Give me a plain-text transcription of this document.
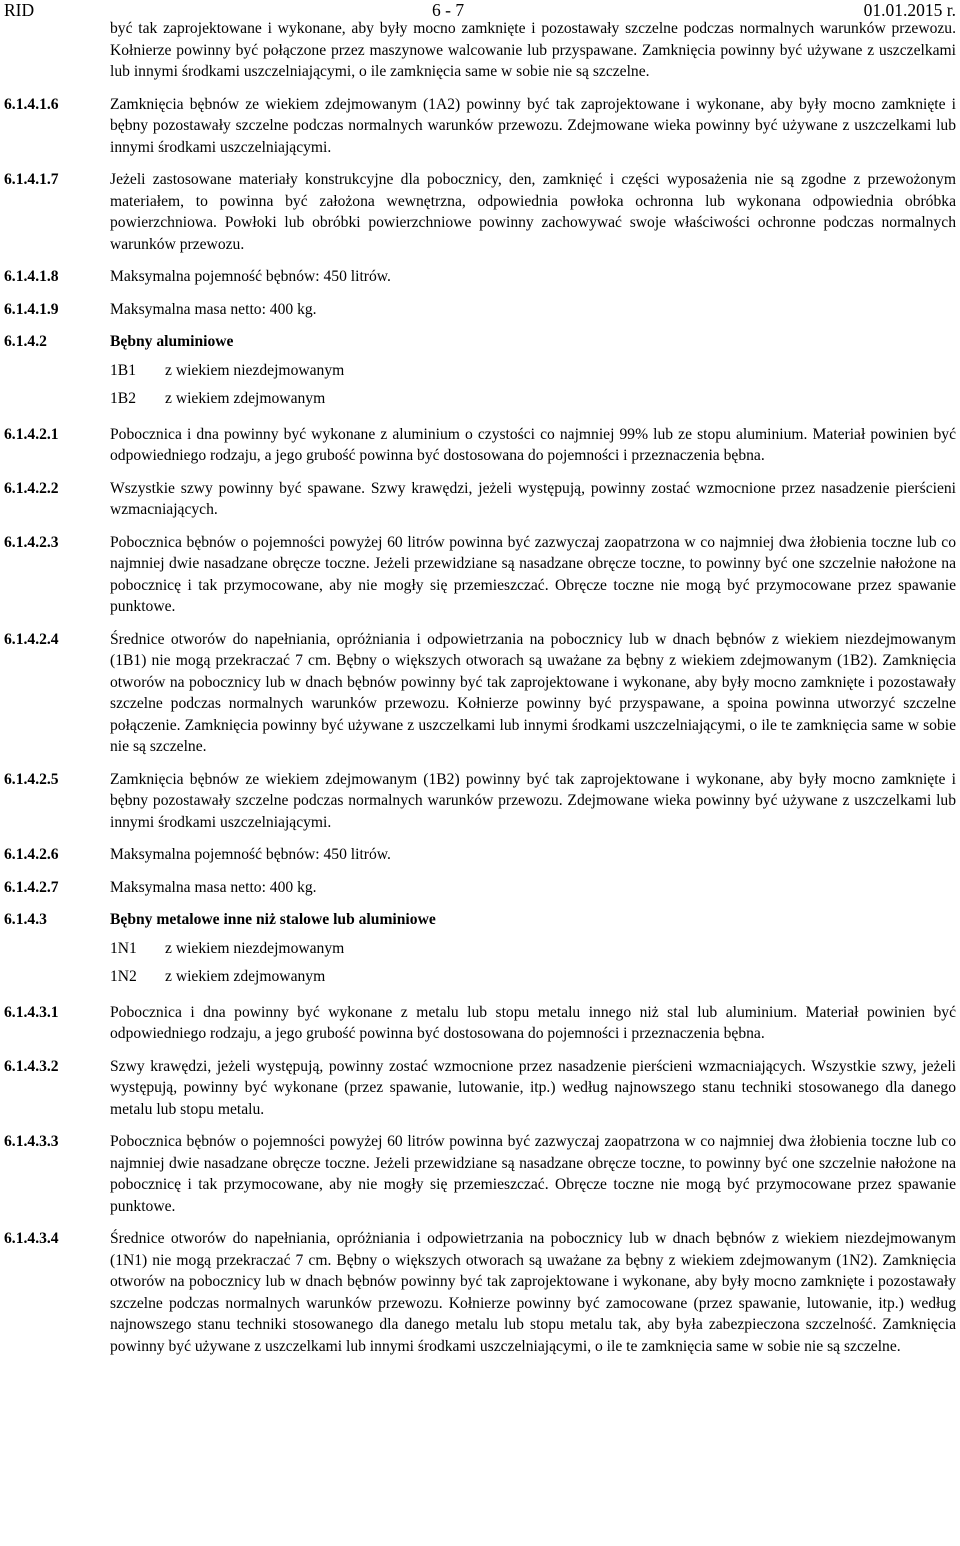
RID	6 - 7	01.01.2015 r.
być tak zaprojektowane i wykonane, aby były mocno zamknięte i pozostawały szczelne podczas normalnych warunków przewozu. Kołnierze powinny być połączone przez maszynowe walcowanie lub przyspawane. Zamknięcia powinny być używane z uszczelkami lub innymi środkami uszczelniającymi, o ile zamknięcia same w sobie nie są szczelne.
6.1.4.1.6	Zamknięcia bębnów ze wiekiem zdejmowanym (1A2) powinny być tak zaprojektowane i wykonane, aby były mocno zamknięte i bębny pozostawały szczelne podczas normalnych warunków przewozu. Zdejmowane wieka powinny być używane z uszczelkami lub innymi środkami uszczelniającymi.
6.1.4.1.7	Jeżeli zastosowane materiały konstrukcyjne dla pobocznicy, den, zamknięć i części wyposażenia nie są zgodne z przewożonym materiałem, to powinna być założona wewnętrzna, odpowiednia powłoka ochronna lub wykonana odpowiednia obróbka powierzchniowa. Powłoki lub obróbki powierzchniowe powinny zachowywać swoje właściwości ochronne podczas normalnych warunków przewozu.
6.1.4.1.8	Maksymalna pojemność bębnów: 450 litrów.
6.1.4.1.9	Maksymalna masa netto: 400 kg.
6.1.4.2	Bębny aluminiowe
1B1	z wiekiem niezdejmowanym
1B2	z wiekiem zdejmowanym
6.1.4.2.1	Pobocznica i dna powinny być wykonane z aluminium o czystości co najmniej 99% lub ze stopu aluminium. Materiał powinien być odpowiedniego rodzaju, a jego grubość powinna być dostosowana do pojemności i przeznaczenia bębna.
6.1.4.2.2	Wszystkie szwy powinny być spawane. Szwy krawędzi, jeżeli występują, powinny zostać wzmocnione przez nasadzenie pierścieni wzmacniających.
6.1.4.2.3	Pobocznica bębnów o pojemności powyżej 60 litrów powinna być zazwyczaj zaopatrzona w co najmniej dwa żłobienia toczne lub co najmniej dwie nasadzane obręcze toczne. Jeżeli przewidziane są nasadzane obręcze toczne, to powinny być one szczelnie nałożone na pobocznicę i tak przymocowane, aby nie mogły się przemieszczać. Obręcze toczne nie mogą być przymocowane przez spawanie punktowe.
6.1.4.2.4	Średnice otworów do napełniania, opróżniania i odpowietrzania na pobocznicy lub w dnach bębnów z wiekiem niezdejmowanym (1B1) nie mogą przekraczać 7 cm. Bębny o większych otworach są uważane za bębny z wiekiem zdejmowanym (1B2). Zamknięcia otworów na pobocznicy lub w dnach bębnów powinny być tak zaprojektowane i wykonane, aby były mocno zamknięte i pozostawały szczelne podczas normalnych warunków przewozu. Kołnierze powinny być przyspawane, a spoina powinna utworzyć szczelne połączenie. Zamknięcia powinny być używane z uszczelkami lub innymi środkami uszczelniającymi, o ile te zamknięcia same w sobie nie są szczelne.
6.1.4.2.5	Zamknięcia bębnów ze wiekiem zdejmowanym (1B2) powinny być tak zaprojektowane i wykonane, aby były mocno zamknięte i bębny pozostawały szczelne podczas normalnych warunków przewozu. Zdejmowane wieka powinny być używane z uszczelkami lub innymi środkami uszczelniającymi.
6.1.4.2.6	Maksymalna pojemność bębnów: 450 litrów.
6.1.4.2.7	Maksymalna masa netto: 400 kg.
6.1.4.3	Bębny metalowe inne niż stalowe lub aluminiowe
1N1	z wiekiem niezdejmowanym
1N2	z wiekiem zdejmowanym
6.1.4.3.1	Pobocznica i dna powinny być wykonane z metalu lub stopu metalu innego niż stal lub aluminium. Materiał powinien być odpowiedniego rodzaju, a jego grubość powinna być dostosowana do pojemności i przeznaczenia bębna.
6.1.4.3.2	Szwy krawędzi, jeżeli występują, powinny zostać wzmocnione przez nasadzenie pierścieni wzmacniających. Wszystkie szwy, jeżeli występują, powinny być wykonane (przez spawanie, lutowanie, itp.) według najnowszego stanu techniki stosowanego dla danego metalu lub stopu metalu.
6.1.4.3.3	Pobocznica bębnów o pojemności powyżej 60 litrów powinna być zazwyczaj zaopatrzona w co najmniej dwa żłobienia toczne lub co najmniej dwie nasadzane obręcze toczne. Jeżeli przewidziane są nasadzane obręcze toczne, to powinny być one szczelnie nałożone na pobocznicę i tak przymocowane, aby nie mogły się przemieszczać. Obręcze toczne nie mogą być przymocowane przez spawanie punktowe.
6.1.4.3.4	Średnice otworów do napełniania, opróżniania i odpowietrzania na pobocznicy lub w dnach bębnów z wiekiem niezdejmowanym (1N1) nie mogą przekraczać 7 cm. Bębny o większych otworach są uważane za bębny z wiekiem zdejmowanym (1N2). Zamknięcia otworów na pobocznicy lub w dnach bębnów powinny być tak zaprojektowane i wykonane, aby były mocno zamknięte i pozostawały szczelne podczas normalnych warunków przewozu. Kołnierze powinny być zamocowane (przez spawanie, lutowanie, itp.) według najnowszego stanu techniki stosowanego dla danego metalu lub stopu metalu tak, aby była zabezpieczona szczelność. Zamknięcia powinny być używane z uszczelkami lub innymi środkami uszczelniającymi, o ile te zamknięcia same w sobie nie są szczelne.
